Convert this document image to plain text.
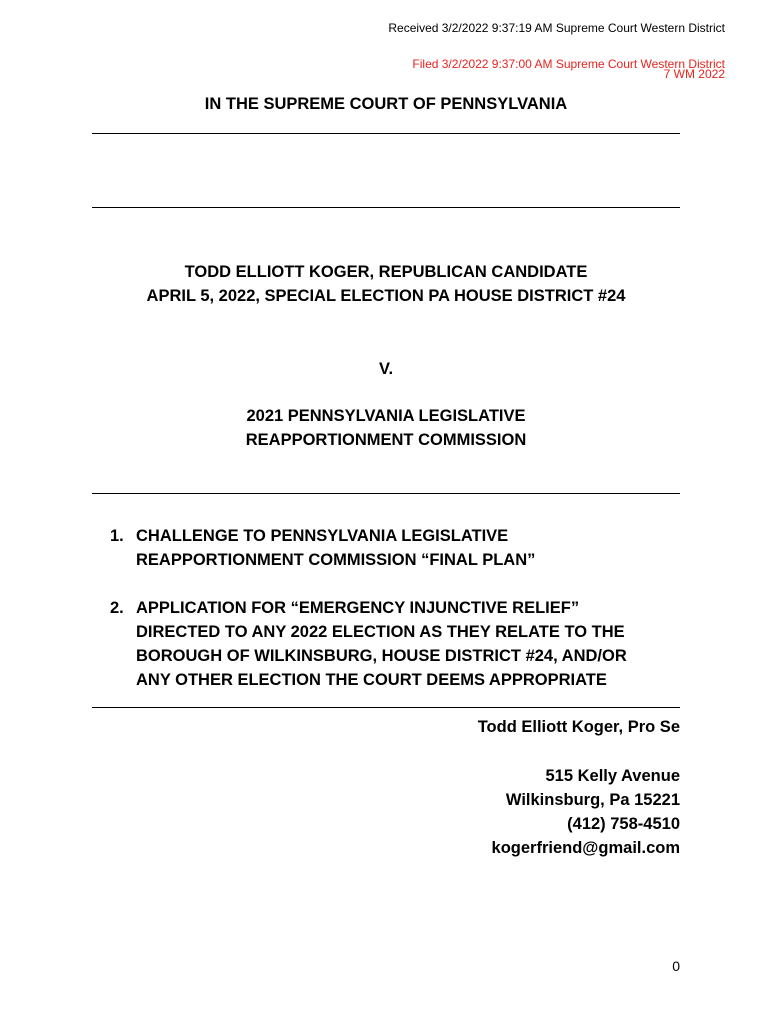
Received 3/2/2022 9:37:19 AM Supreme Court Western District
Filed 3/2/2022 9:37:00 AM Supreme Court Western District
7 WM 2022
IN THE SUPREME COURT OF PENNSYLVANIA
TODD ELLIOTT KOGER, REPUBLICAN CANDIDATE
APRIL 5, 2022, SPECIAL ELECTION PA HOUSE DISTRICT #24
V.
2021 PENNSYLVANIA LEGISLATIVE
REAPPORTIONMENT COMMISSION
1. CHALLENGE TO PENNSYLVANIA LEGISLATIVE
REAPPORTIONMENT COMMISSION “FINAL PLAN”
2. APPLICATION FOR “EMERGENCY INJUNCTIVE RELIEF”
DIRECTED TO ANY 2022 ELECTION AS THEY RELATE TO THE
BOROUGH OF WILKINSBURG, HOUSE DISTRICT #24, AND/OR
ANY OTHER ELECTION THE COURT DEEMS APPROPRIATE
Todd Elliott Koger, Pro Se
515 Kelly Avenue
Wilkinsburg, Pa 15221
(412) 758-4510
kogerfriend@gmail.com
0
